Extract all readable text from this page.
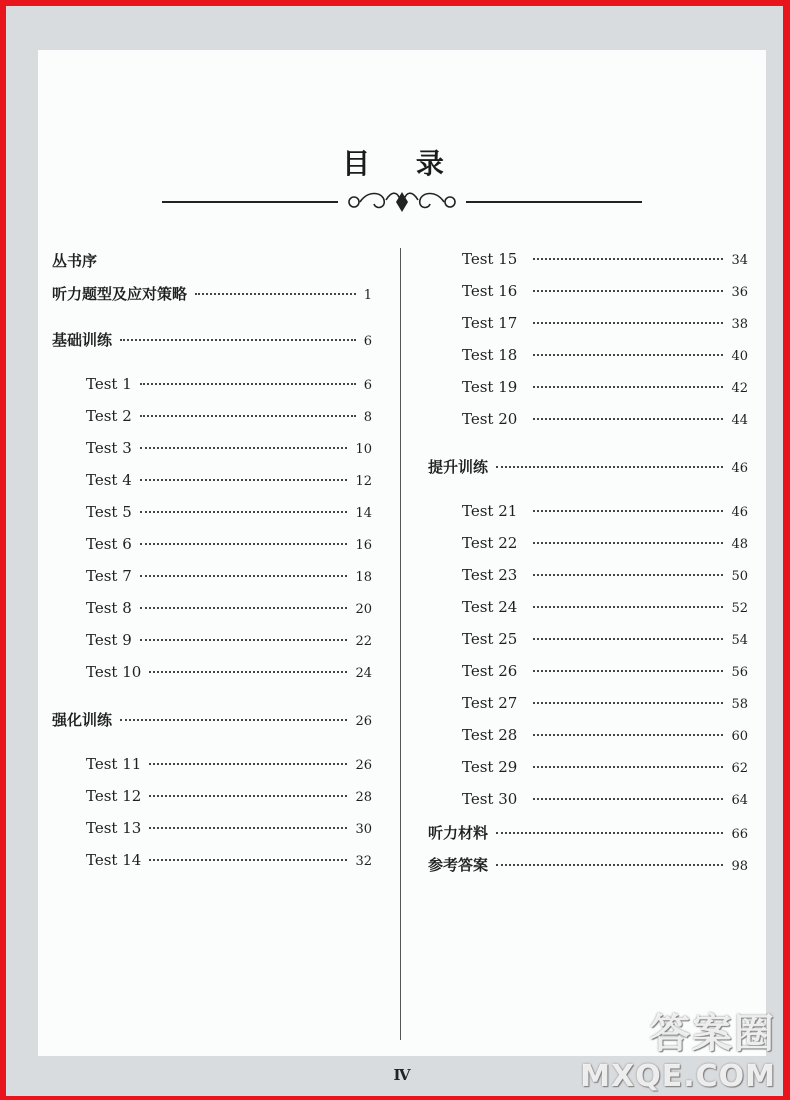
目 录
丛书序
听力题型及应对策略	1
基础训练	6
Test 1	6
Test 2	8
Test 3	10
Test 4	12
Test 5	14
Test 6	16
Test 7	18
Test 8	20
Test 9	22
Test 10	24
强化训练	26
Test 11	26
Test 12	28
Test 13	30
Test 14	32
Test 15	34
Test 16	36
Test 17	38
Test 18	40
Test 19	42
Test 20	44
提升训练	46
Test 21	46
Test 22	48
Test 23	50
Test 24	52
Test 25	54
Test 26	56
Test 27	58
Test 28	60
Test 29	62
Test 30	64
听力材料	66
参考答案	98
Ⅳ
答案圈
MXQE.COM
